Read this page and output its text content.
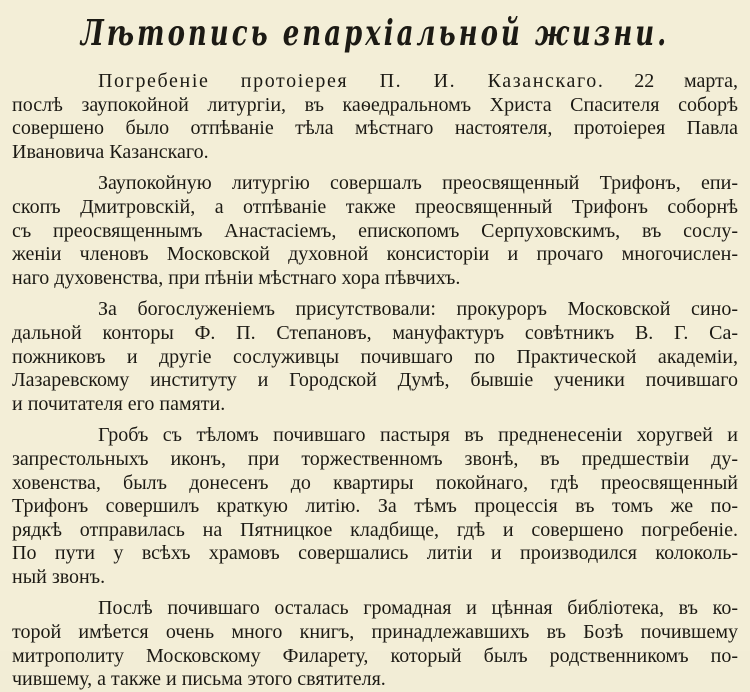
Лѣтопись епархіальной жизни.
Погребеніе протоіерея П. И. Казанскаго. 22 марта,
послѣ заупокойной литургіи, въ каѳедральномъ Христа Спасителя соборѣ
совершено было отпѣваніе тѣла мѣстнаго настоятеля, протоіерея Павла
Ивановича Казанскаго.
Заупокойную литургію совершалъ преосвященный Трифонъ, епи-
скопъ Дмитровскій, а отпѣваніе также преосвященный Трифонъ соборнѣ
съ преосвященнымъ Анастасіемъ, епископомъ Серпуховскимъ, въ сослу-
женіи членовъ Московской духовной консисторіи и прочаго многочислен-
наго духовенства, при пѣніи мѣстнаго хора пѣвчихъ.
За богослуженіемъ присутствовали: прокуроръ Московской сино-
дальной конторы Ф. П. Степановъ, мануфактуръ совѣтникъ В. Г. Са-
пожниковъ и другіе сослуживцы почившаго по Практической академіи,
Лазаревскому институту и Городской Думѣ, бывшіе ученики почившаго
и почитателя его памяти.
Гробъ съ тѣломъ почившаго пастыря въ предненесеніи хоругвей и
запрестольныхъ иконъ, при торжественномъ звонѣ, въ предшествіи ду-
ховенства, былъ донесенъ до квартиры покойнаго, гдѣ преосвященный
Трифонъ совершилъ краткую литію. За тѣмъ процессія въ томъ же по-
рядкѣ отправилась на Пятницкое кладбище, гдѣ и совершено погребеніе.
По пути у всѣхъ храмовъ совершались литіи и производился колоколь-
ный звонъ.
Послѣ почившаго осталась громадная и цѣнная библіотека, въ ко-
торой имѣется очень много книгъ, принадлежавшихъ въ Бозѣ почившему
митрополиту Московскому Филарету, который былъ родственникомъ по-
чившему, а также и письма этого святителя.
